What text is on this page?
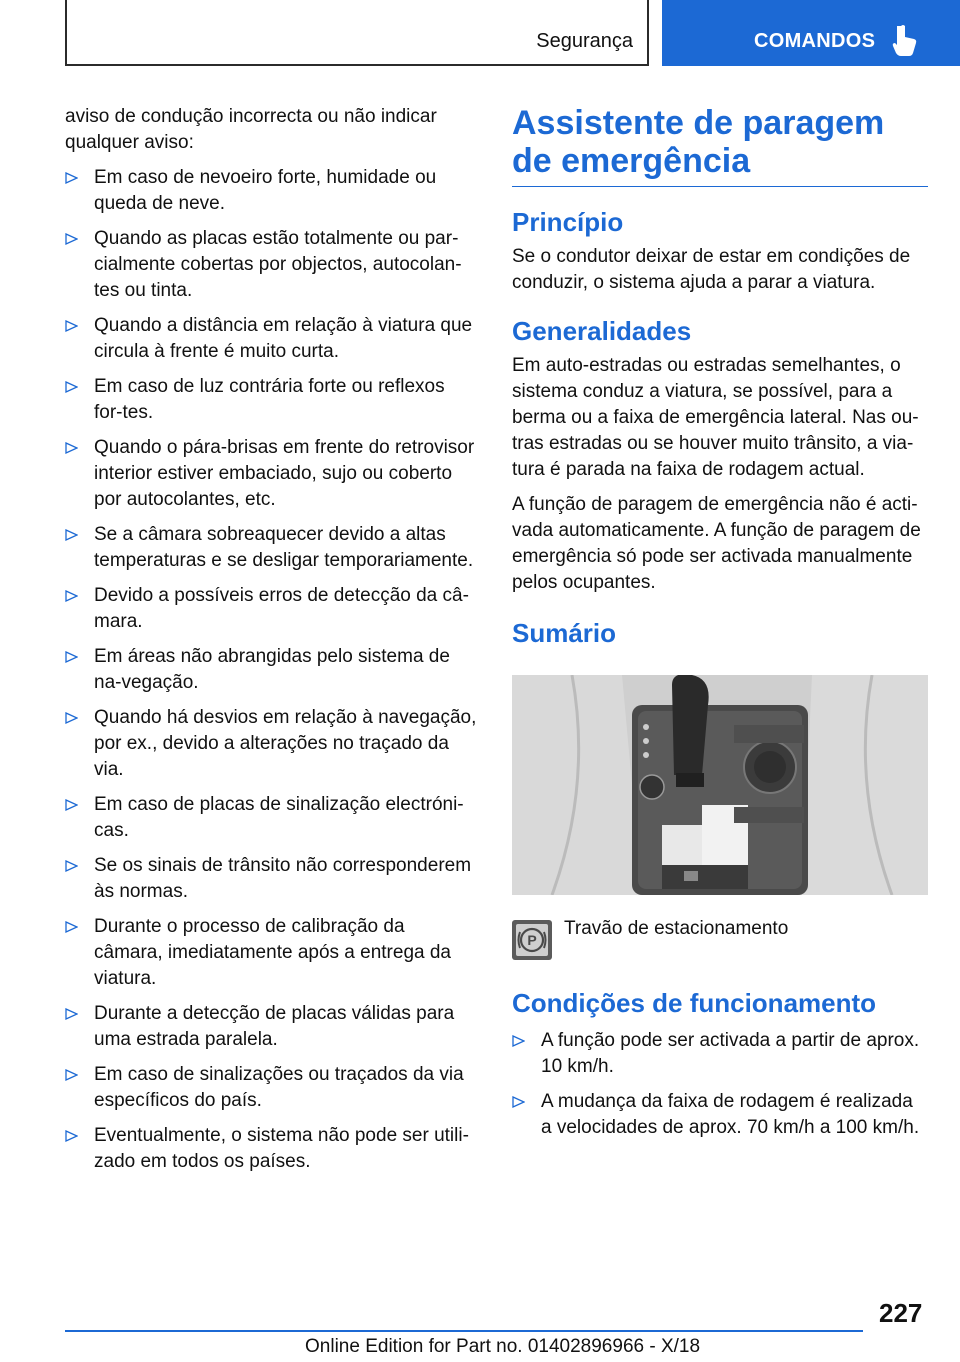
Segurança	COMANDOS

aviso de condução incorrecta ou não indicar qualquer aviso:

Em caso de nevoeiro forte, humidade ou queda de neve.
Quando as placas estão totalmente ou par-cialmente cobertas por objectos, autocolan-tes ou tinta.
Quando a distância em relação à viatura que circula à frente é muito curta.
Em caso de luz contrária forte ou reflexos for-tes.
Quando o pára-brisas em frente do retrovisor interior estiver embaciado, sujo ou coberto por autocolantes, etc.
Se a câmara sobreaquecer devido a altas temperaturas e se desligar temporariamente.
Devido a possíveis erros de detecção da câ-mara.
Em áreas não abrangidas pelo sistema de na-vegação.
Quando há desvios em relação à navegação, por ex., devido a alterações no traçado da via.
Em caso de placas de sinalização electróni-cas.
Se os sinais de trânsito não corresponderem às normas.
Durante o processo de calibração da câmara, imediatamente após a entrega da viatura.
Durante a detecção de placas válidas para uma estrada paralela.
Em caso de sinalizações ou traçados da via específicos do país.
Eventualmente, o sistema não pode ser utili-zado em todos os países.
Assistente de paragem de emergência
Princípio

Se o condutor deixar de estar em condições de conduzir, o sistema ajuda a parar a viatura.

Generalidades

Em auto-estradas ou estradas semelhantes, o sistema conduz a viatura, se possível, para a berma ou a faixa de emergência lateral. Nas ou-tras estradas ou se houver muito trânsito, a via-tura é parada na faixa de rodagem actual.

A função de paragem de emergência não é acti-vada automaticamente. A função de paragem de emergência só pode ser activada manualmente pelos ocupantes.

Sumário
P
Travão de estacionamento
Condições de funcionamento
A função pode ser activada a partir de aprox. 10 km/h.
A mudança da faixa de rodagem é realizada a velocidades de aprox. 70 km/h a 100 km/h.
227
Online Edition for Part no. 01402896966 - X/18
